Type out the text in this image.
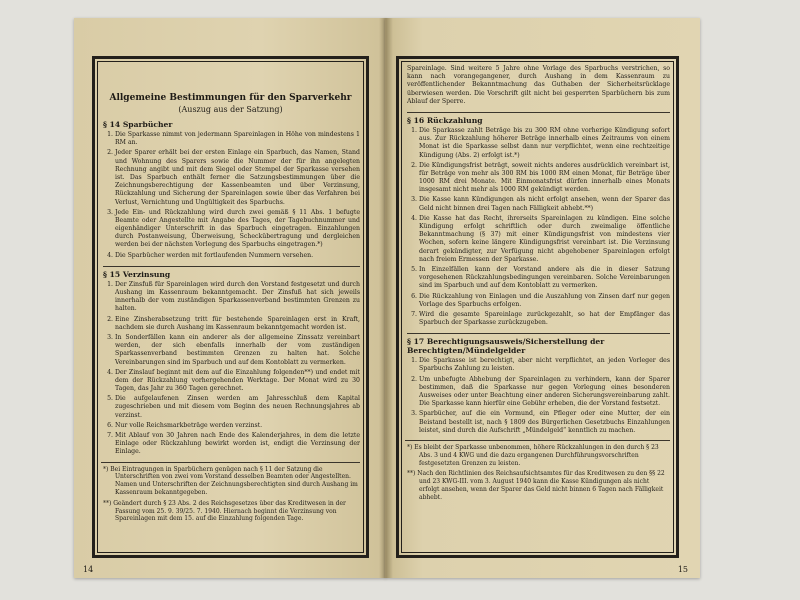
Allgemeine Bestimmungen für den Sparverkehr
(Auszug aus der Satzung)
§ 14 Sparbücher
1. Die Sparkasse nimmt von jedermann Spareinlagen in Höhe von mindestens 1 RM an.
2. Jeder Sparer erhält bei der ersten Einlage ein Sparbuch, das Namen, Stand und Wohnung des Sparers sowie die Nummer der für ihn angelegten Rechnung angibt und mit dem Siegel oder Stempel der Sparkasse versehen ist. Das Sparbuch enthält ferner die Satzungsbestimmungen über die Zeichnungsberechtigung der Kassenbeamten und über Verzinsung, Rückzahlung und Sicherung der Spareinlagen sowie über das Verfahren bei Verlust, Vernichtung und Ungültigkeit des Sparbuchs.
3. Jede Ein- und Rückzahlung wird durch zwei gemäß § 11 Abs. 1 befugte Beamte oder Angestellte mit Angabe des Tages, der Tagebuchnummer und eigenhändiger Unterschrift in das Sparbuch eingetragen. Einzahlungen durch Postanweisung, Überweisung, Scheckübertragung und dergleichen werden bei der nächsten Vorlegung des Sparbuchs eingetragen.*)
4. Die Sparbücher werden mit fortlaufenden Nummern versehen.
§ 15 Verzinsung
1. Der Zinsfuß für Spareinlagen wird durch den Vorstand festgesetzt und durch Aushang im Kassenraum bekanntgemacht. Der Zinsfuß hat sich jeweils innerhalb der vom zuständigen Sparkassenverband bestimmten Grenzen zu halten.
2. Eine Zinsherabsetzung tritt für bestehende Spareinlagen erst in Kraft, nachdem sie durch Aushang im Kassenraum bekanntgemacht worden ist.
3. In Sonderfällen kann ein anderer als der allgemeine Zinssatz vereinbart werden, der sich ebenfalls innerhalb der vom zuständigen Sparkassenverband bestimmten Grenzen zu halten hat. Solche Vereinbarungen sind im Sparbuch und auf dem Kontoblatt zu vermerken.
4. Der Zinslauf beginnt mit dem auf die Einzahlung folgenden**) und endet mit dem der Rückzahlung vorhergehenden Werktage. Der Monat wird zu 30 Tagen, das Jahr zu 360 Tagen gerechnet.
5. Die aufgelaufenen Zinsen werden am Jahresschluß dem Kapital zugeschrieben und mit diesem vom Beginn des neuen Rechnungsjahres ab verzinst.
6. Nur volle Reichsmarkbeträge werden verzinst.
7. Mit Ablauf von 30 Jahren nach Ende des Kalenderjahres, in dem die letzte Einlage oder Rückzahlung bewirkt worden ist, endigt die Verzinsung der Einlage.

*) Bei Eintragungen in Sparbüchern genügen nach § 11 der Satzung die Unterschriften von zwei vom Vorstand desselben Beamten oder Angestellten. Namen und Unterschriften der Zeichnungsberechtigten sind durch Aushang im Kassenraum bekanntgegeben.

**) Geändert durch § 23 Abs. 2 des Reichsgesetzes über das Kreditwesen in der Fassung vom 25. 9. 39/25. 7. 1940. Hiernach beginnt die Verzinsung von Spareinlagen mit dem 15. auf die Einzahlung folgenden Tage.

14

Spareinlage. Sind weitere 5 Jahre ohne Vorlage des Sparbuchs verstrichen, so kann nach vorangegangener, durch Aushang in dem Kassenraum zu veröffentlichender Bekanntmachung das Guthaben der Sicherheitsrücklage überwiesen werden. Die Vorschrift gilt nicht bei gesperrten Sparbüchern bis zum Ablauf der Sperre.

§ 16 Rückzahlung
1. Die Sparkasse zahlt Beträge bis zu 300 RM ohne vorherige Kündigung sofort aus. Zur Rückzahlung höherer Beträge innerhalb eines Zeitraums von einem Monat ist die Sparkasse selbst dann nur verpflichtet, wenn eine rechtzeitige Kündigung (Abs. 2) erfolgt ist.*)
2. Die Kündigungsfrist beträgt, soweit nichts anderes ausdrücklich vereinbart ist, für Beträge von mehr als 300 RM bis 1000 RM einen Monat, für Beträge über 1000 RM drei Monate. Mit Einmonatsfrist dürfen innerhalb eines Monats insgesamt nicht mehr als 1000 RM gekündigt werden.
3. Die Kasse kann Kündigungen als nicht erfolgt ansehen, wenn der Sparer das Geld nicht binnen drei Tagen nach Fälligkeit abhebt.**)
4. Die Kasse hat das Recht, ihrerseits Spareinlagen zu kündigen. Eine solche Kündigung erfolgt schriftlich oder durch zweimalige öffentliche Bekanntmachung (§ 37) mit einer Kündigungsfrist von mindestens vier Wochen, sofern keine längere Kündigungsfrist vereinbart ist. Die Verzinsung derart gekündigter, zur Verfügung nicht abgehobener Spareinlagen erfolgt nach freiem Ermessen der Sparkasse.
5. In Einzelfällen kann der Vorstand andere als die in dieser Satzung vorgesehenen Rückzahlungsbedingungen vereinbaren. Solche Vereinbarungen sind im Sparbuch und auf dem Kontoblatt zu vermerken.
6. Die Rückzahlung von Einlagen und die Auszahlung von Zinsen darf nur gegen Vorlage des Sparbuchs erfolgen.
7. Wird die gesamte Spareinlage zurückgezahlt, so hat der Empfänger das Sparbuch der Sparkasse zurückzugeben.
§ 17 Berechtigungsausweis/Sicherstellung der Berechtigten/Mündelgelder
1. Die Sparkasse ist berechtigt, aber nicht verpflichtet, an jeden Vorleger des Sparbuchs Zahlung zu leisten.
2. Um unbefugte Abhebung der Spareinlagen zu verhindern, kann der Sparer bestimmen, daß die Sparkasse nur gegen Vorlegung eines besonderen Ausweises oder unter Beachtung einer anderen Sicherungsvereinbarung zahlt. Die Sparkasse kann hierfür eine Gebühr erheben, die der Vorstand festsetzt.
3. Sparbücher, auf die ein Vormund, ein Pfleger oder eine Mutter, der ein Beistand bestellt ist, nach § 1809 des Bürgerlichen Gesetzbuchs Einzahlungen leistet, sind durch die Aufschrift „Mündelgeld“ kenntlich zu machen.

*) Es bleibt der Sparkasse unbenommen, höhere Rückzahlungen in den durch § 23 Abs. 3 und 4 KWG und die dazu ergangenen Durchführungsvorschriften festgesetzten Grenzen zu leisten.

**) Nach den Richtlinien des Reichsaufsichtsamtes für das Kreditwesen zu den §§ 22 und 23 KWG-III. vom 3. August 1940 kann die Kasse Kündigungen als nicht erfolgt ansehen, wenn der Sparer das Geld nicht binnen 6 Tagen nach Fälligkeit abhebt.

15
